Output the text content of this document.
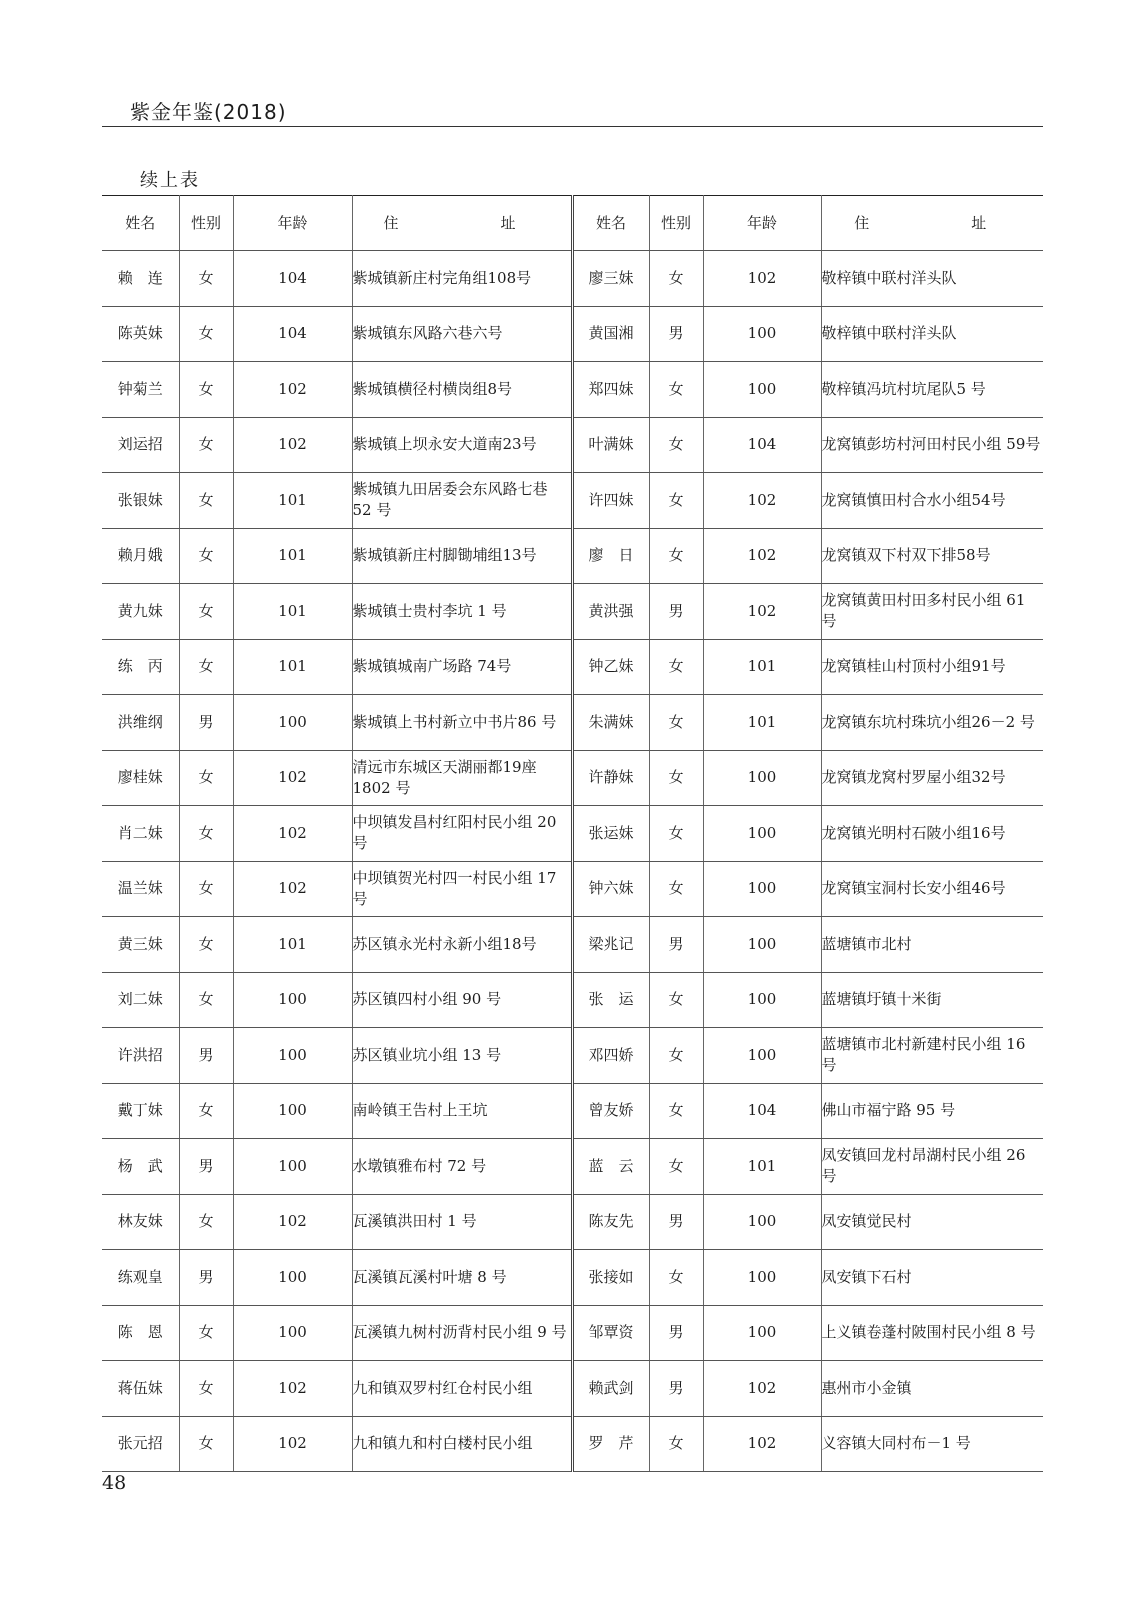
紫金年鉴(2018)
续上表
姓名	性别	年龄	住　　址	姓名	性别	年龄	住　　址
赖　连	女	104	紫城镇新庄村完角组108号	廖三妹	女	102	敬梓镇中联村洋头队
陈英妹	女	104	紫城镇东风路六巷六号	黄国湘	男	100	敬梓镇中联村洋头队
钟菊兰	女	102	紫城镇横径村横岗组8号	郑四妹	女	100	敬梓镇冯坑村坑尾队5 号
刘运招	女	102	紫城镇上坝永安大道南23号	叶满妹	女	104	龙窝镇彭坊村河田村民小组 59号
张银妹	女	101	紫城镇九田居委会东风路七巷 52 号	许四妹	女	102	龙窝镇慎田村合水小组54号
赖月娥	女	101	紫城镇新庄村脚锄埔组13号	廖　日	女	102	龙窝镇双下村双下排58号
黄九妹	女	101	紫城镇士贵村李坑 1 号	黄洪强	男	102	龙窝镇黄田村田多村民小组 61 号
练　丙	女	101	紫城镇城南广场路 74号	钟乙妹	女	101	龙窝镇桂山村顶村小组91号
洪维纲	男	100	紫城镇上书村新立中书片86 号	朱满妹	女	101	龙窝镇东坑村珠坑小组26－2 号
廖桂妹	女	102	清远市东城区天湖丽都19座1802 号	许静妹	女	100	龙窝镇龙窝村罗屋小组32号
肖二妹	女	102	中坝镇发昌村红阳村民小组 20 号	张运妹	女	100	龙窝镇光明村石陂小组16号
温兰妹	女	102	中坝镇贺光村四一村民小组 17 号	钟六妹	女	100	龙窝镇宝洞村长安小组46号
黄三妹	女	101	苏区镇永光村永新小组18号	梁兆记	男	100	蓝塘镇市北村
刘二妹	女	100	苏区镇四村小组 90 号	张　运	女	100	蓝塘镇圩镇十米街
许洪招	男	100	苏区镇业坑小组 13 号	邓四娇	女	100	蓝塘镇市北村新建村民小组 16 号
戴丁妹	女	100	南岭镇王告村上王坑	曾友娇	女	104	佛山市福宁路 95 号
杨　武	男	100	水墩镇雅布村 72 号	蓝　云	女	101	凤安镇回龙村昂湖村民小组 26 号
林友妹	女	102	瓦溪镇洪田村 1 号	陈友先	男	100	凤安镇觉民村
练观皇	男	100	瓦溪镇瓦溪村叶塘 8 号	张接如	女	100	凤安镇下石村
陈　恩	女	100	瓦溪镇九树村沥背村民小组 9 号	邹覃资	男	100	上义镇卷蓬村陂围村民小组 8 号
蒋伍妹	女	102	九和镇双罗村红仓村民小组	赖武剑	男	102	惠州市小金镇
张元招	女	102	九和镇九和村白楼村民小组	罗　芹	女	102	义容镇大同村布－1 号
48
